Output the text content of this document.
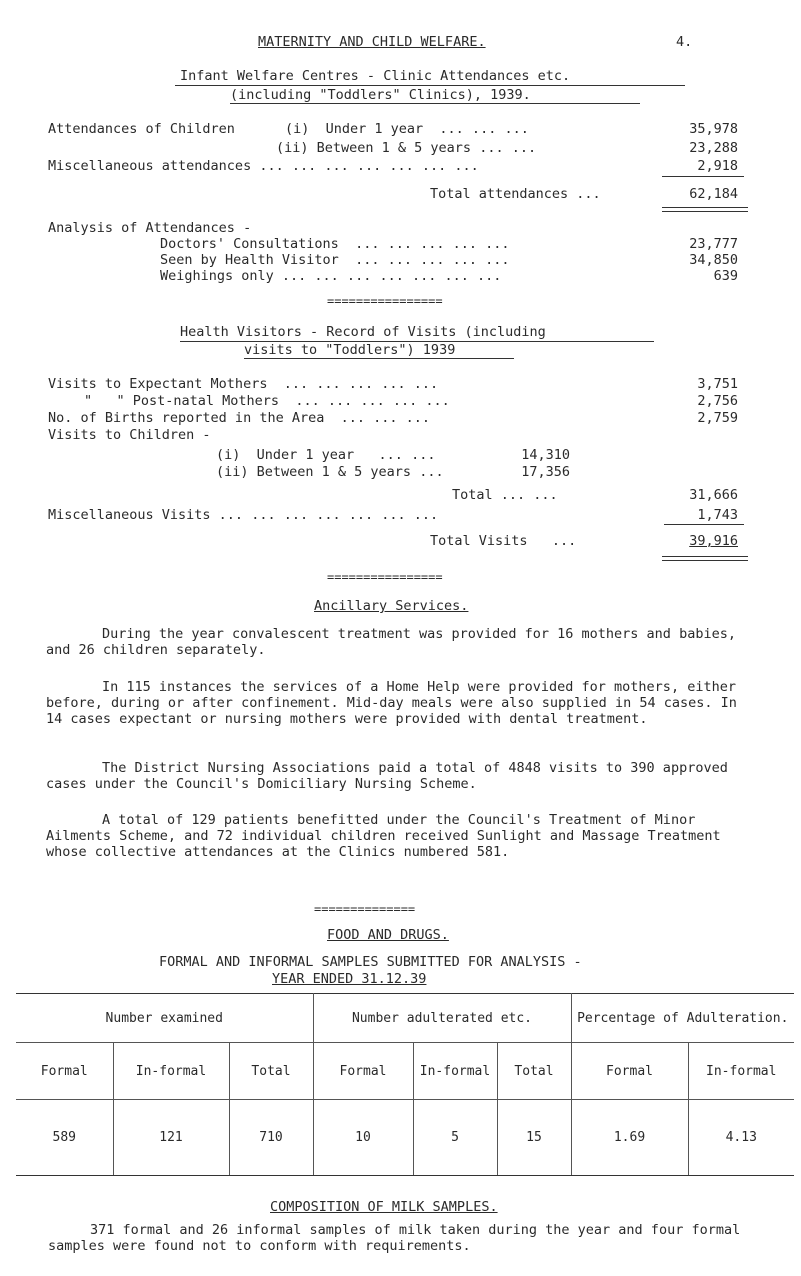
MATERNITY AND CHILD WELFARE.	4.
Infant Welfare Centres - Clinic Attendances etc.
(including "Toddlers" Clinics), 1939.
Attendances of Children	(i)  Under 1 year  ... ... ...	35,978
(ii) Between 1 & 5 years ... ...	23,288
Miscellaneous attendances ... ... ... ... ... ... ...	2,918
Total attendances ...	62,184
Analysis of Attendances -
Doctors' Consultations  ... ... ... ... ...	23,777
Seen by Health Visitor  ... ... ... ... ...	34,850
Weighings only ... ... ... ... ... ... ...	639
================
Health Visitors - Record of Visits (including
visits to "Toddlers") 1939
Visits to Expectant Mothers  ... ... ... ... ...	3,751
"   " Post-natal Mothers  ... ... ... ... ...	2,756
No. of Births reported in the Area  ... ... ...	2,759
Visits to Children -
(i)  Under 1 year   ... ...	14,310
(ii) Between 1 & 5 years ...	17,356
Total ... ...	31,666
Miscellaneous Visits ... ... ... ... ... ... ...	1,743
Total Visits   ...	39,916
================
Ancillary Services.
During the year convalescent treatment was provided for 16 mothers and babies, and 26 children separately.
In 115 instances the services of a Home Help were provided for mothers, either before, during or after confinement. Mid-day meals were also supplied in 54 cases. In 14 cases expectant or nursing mothers were provided with dental treatment.
The District Nursing Associations paid a total of 4848 visits to 390 approved cases under the Council's Domiciliary Nursing Scheme.
A total of 129 patients benefitted under the Council's Treatment of Minor Ailments Scheme, and 72 individual children received Sunlight and Massage Treatment whose collective attendances at the Clinics numbered 581.
==============
FOOD AND DRUGS.
FORMAL AND INFORMAL SAMPLES SUBMITTED FOR ANALYSIS -
YEAR ENDED 31.12.39
Number examined			Number adulterated etc.			Percentage of Adulteration.	
Formal	In-formal	Total	Formal	In-formal	Total	Formal	In-formal
589	121	710	10	5	15	1.69	4.13
COMPOSITION OF MILK SAMPLES.
371 formal and 26 informal samples of milk taken during the year and four formal samples were found not to conform with requirements.
